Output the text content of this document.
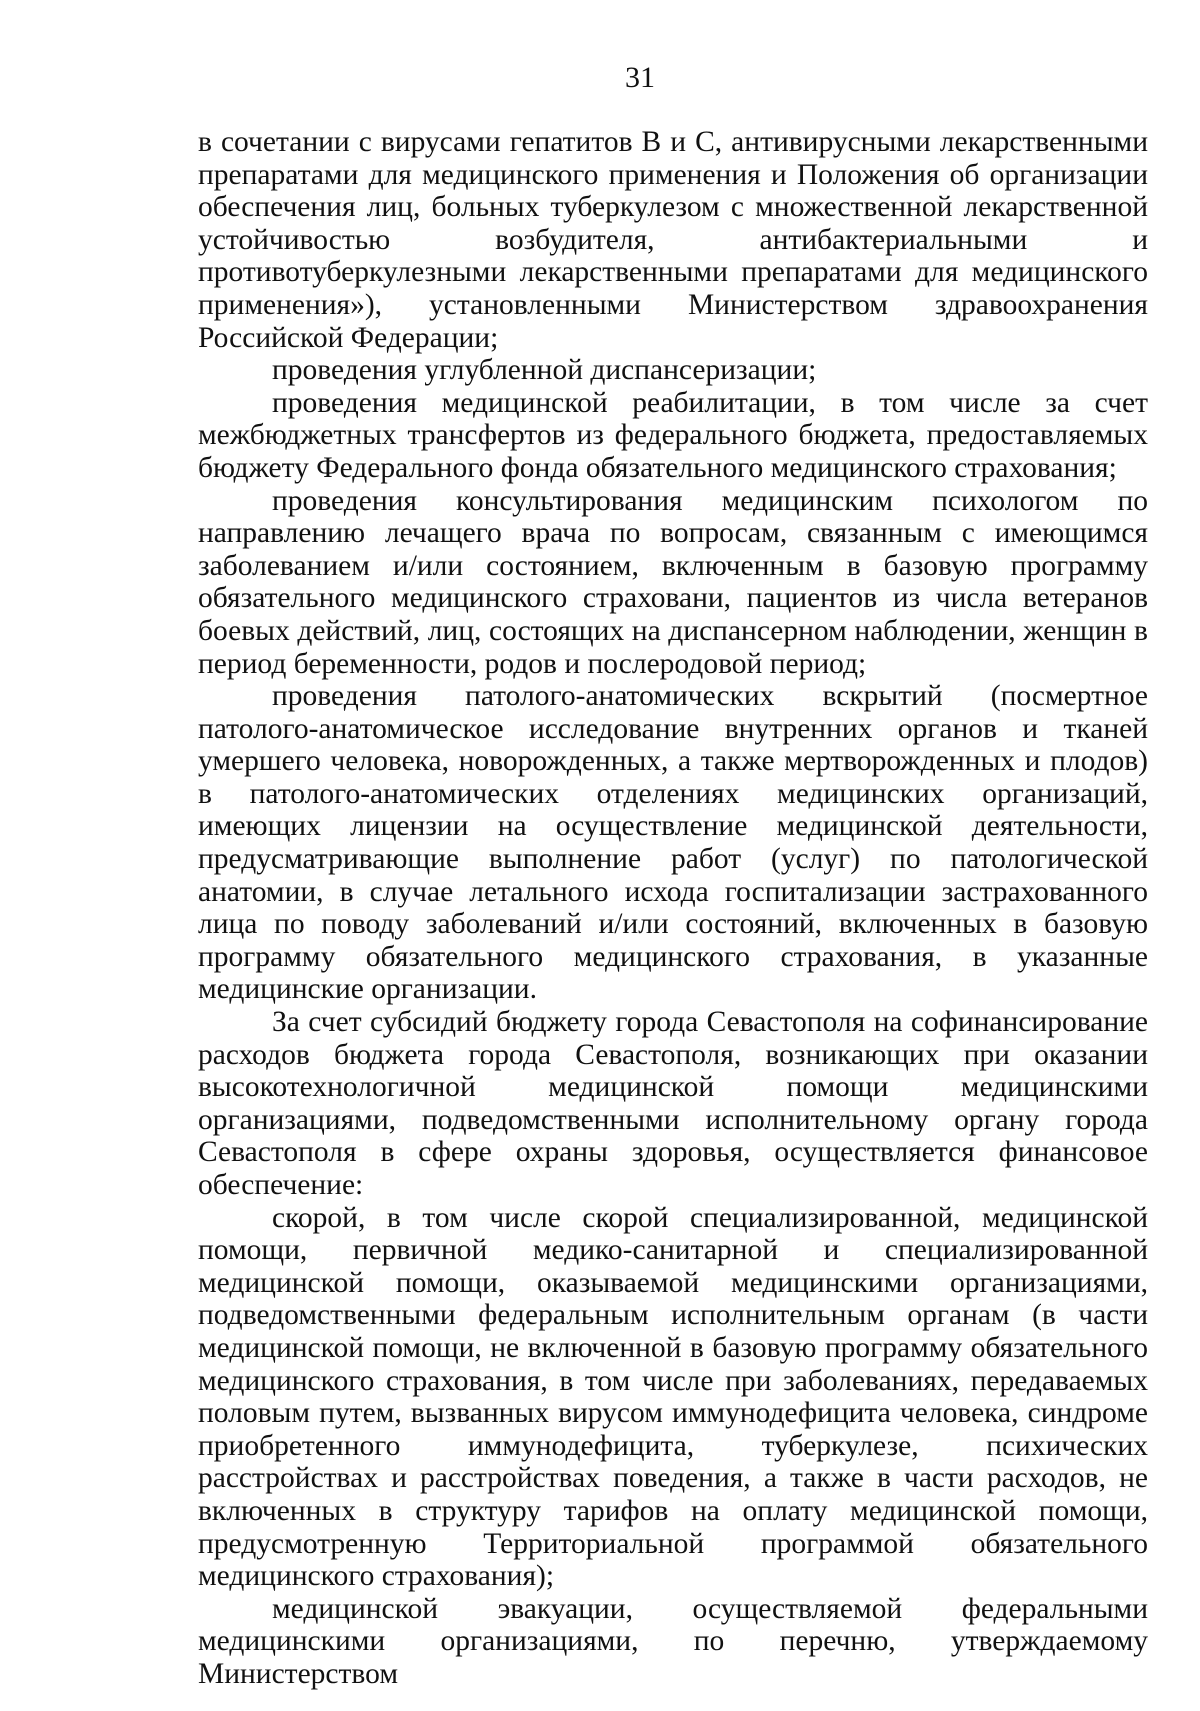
31

в сочетании с вирусами гепатитов В и С, антивирусными лекарственными препаратами для медицинского применения и Положения об организации обеспечения лиц, больных туберкулезом с множественной лекарственной устойчивостью возбудителя, антибактериальными и противотуберкулезными лекарственными препаратами для медицинского применения»), установленными Министерством здравоохранения Российской Федерации;

проведения углубленной диспансеризации;

проведения медицинской реабилитации, в том числе за счет межбюджетных трансфертов из федерального бюджета, предоставляемых бюджету Федерального фонда обязательного медицинского страхования;

проведения консультирования медицинским психологом по направлению лечащего врача по вопросам, связанным с имеющимся заболеванием и/или состоянием, включенным в базовую программу обязательного медицинского страховани, пациентов из числа ветеранов боевых действий, лиц, состоящих на диспансерном наблюдении, женщин в период беременности, родов и послеродовой период;

проведения патолого-анатомических вскрытий (посмертное патолого-анатомическое исследование внутренних органов и тканей умершего человека, новорожденных, а также мертворожденных и плодов) в патолого-анатомических отделениях медицинских организаций, имеющих лицензии на осуществление медицинской деятельности, предусматривающие выполнение работ (услуг) по патологической анатомии, в случае летального исхода госпитализации застрахованного лица по поводу заболеваний и/или состояний, включенных в базовую программу обязательного медицинского страхования, в указанные медицинские организации.

За счет субсидий бюджету города Севастополя на софинансирование расходов бюджета города Севастополя, возникающих при оказании высокотехнологичной медицинской помощи медицинскими организациями, подведомственными исполнительному органу города Севастополя в сфере охраны здоровья, осуществляется финансовое обеспечение:

скорой, в том числе скорой специализированной, медицинской помощи, первичной медико-санитарной и специализированной медицинской помощи, оказываемой медицинскими организациями, подведомственными федеральным исполнительным органам (в части медицинской помощи, не включенной в базовую программу обязательного медицинского страхования, в том числе при заболеваниях, передаваемых половым путем, вызванных вирусом иммунодефицита человека, синдроме приобретенного иммунодефицита, туберкулезе, психических расстройствах и расстройствах поведения, а также в части расходов, не включенных в структуру тарифов на оплату медицинской помощи, предусмотренную Территориальной программой обязательного медицинского страхования);

медицинской эвакуации, осуществляемой федеральными медицинскими организациями, по перечню, утверждаемому Министерством
